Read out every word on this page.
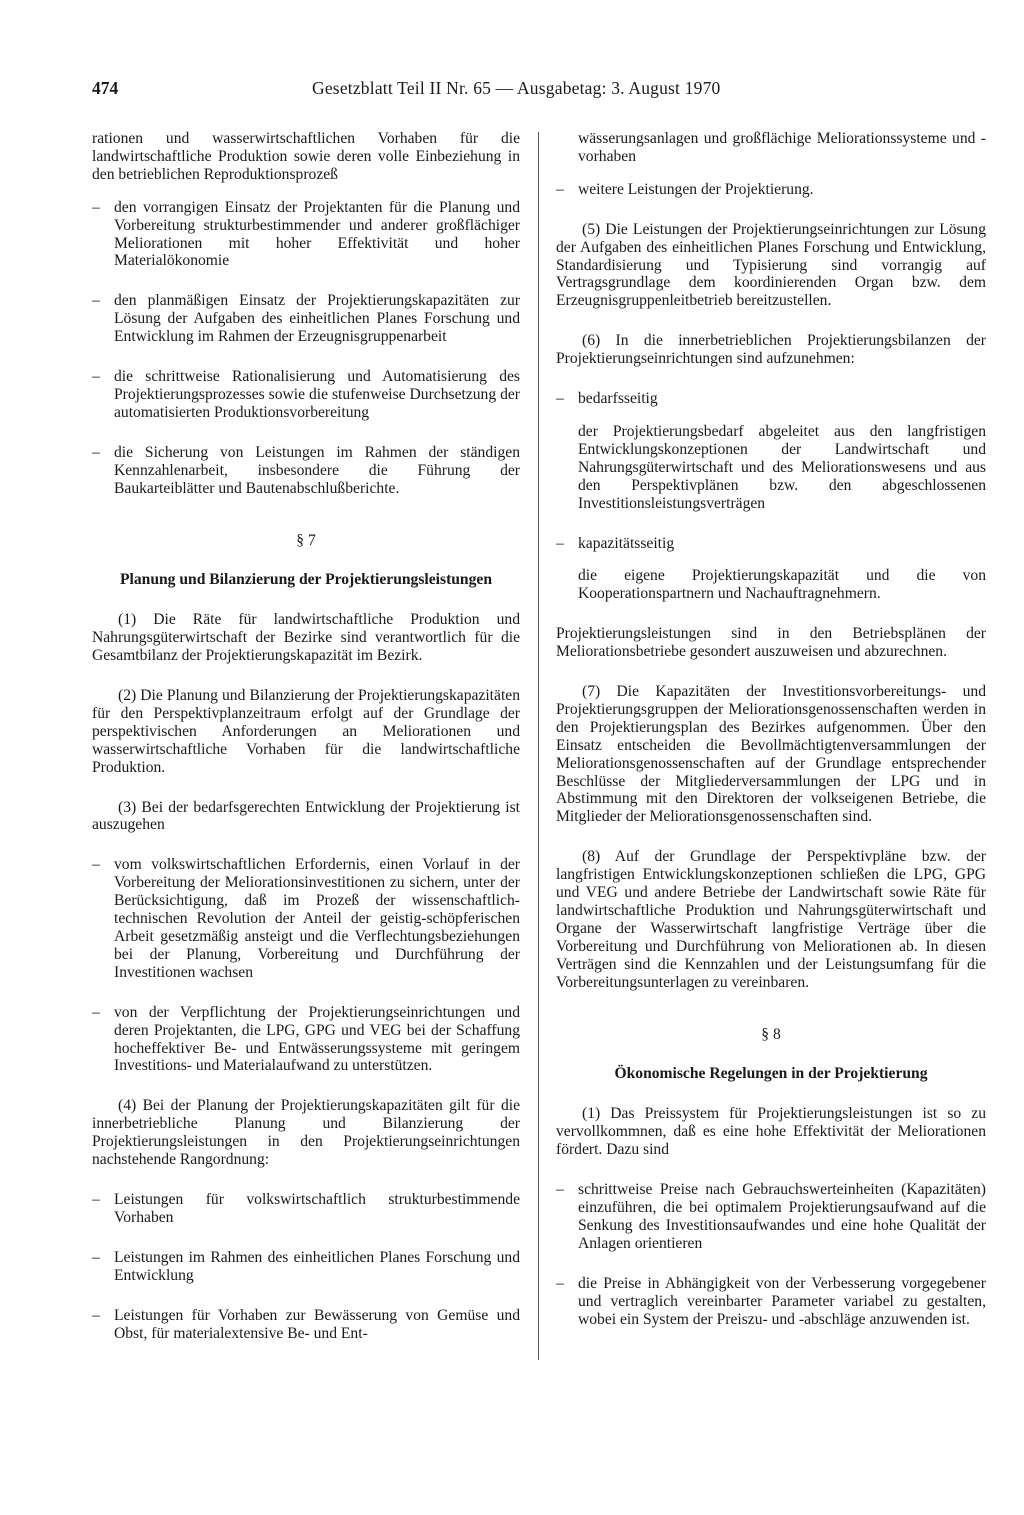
474	Gesetzblatt Teil II Nr. 65 — Ausgabetag: 3. August 1970

rationen und wasserwirtschaftlichen Vorhaben für die landwirtschaftliche Produktion sowie deren volle Einbeziehung in den betrieblichen Reproduktionsprozeß

– den vorrangigen Einsatz der Projektanten für die Planung und Vorbereitung strukturbestimmender und anderer großflächiger Meliorationen mit hoher Effektivität und hoher Materialökonomie

– den planmäßigen Einsatz der Projektierungskapazitäten zur Lösung der Aufgaben des einheitlichen Planes Forschung und Entwicklung im Rahmen der Erzeugnisgruppenarbeit

– die schrittweise Rationalisierung und Automatisierung des Projektierungsprozesses sowie die stufenweise Durchsetzung der automatisierten Produktionsvorbereitung

– die Sicherung von Leistungen im Rahmen der ständigen Kennzahlenarbeit, insbesondere die Führung der Baukarteiblätter und Bautenabschlußberichte.

§ 7

Planung und Bilanzierung der Projektierungsleistungen

(1) Die Räte für landwirtschaftliche Produktion und Nahrungsgüterwirtschaft der Bezirke sind verantwortlich für die Gesamtbilanz der Projektierungskapazität im Bezirk.

(2) Die Planung und Bilanzierung der Projektierungskapazitäten für den Perspektivplanzeitraum erfolgt auf der Grundlage der perspektivischen Anforderungen an Meliorationen und wasserwirtschaftliche Vorhaben für die landwirtschaftliche Produktion.

(3) Bei der bedarfsgerechten Entwicklung der Projektierung ist auszugehen

– vom volkswirtschaftlichen Erfordernis, einen Vorlauf in der Vorbereitung der Meliorationsinvestitionen zu sichern, unter der Berücksichtigung, daß im Prozeß der wissenschaftlich-technischen Revolution der Anteil der geistig-schöpferischen Arbeit gesetzmäßig ansteigt und die Verflechtungsbeziehungen bei der Planung, Vorbereitung und Durchführung der Investitionen wachsen

– von der Verpflichtung der Projektierungseinrichtungen und deren Projektanten, die LPG, GPG und VEG bei der Schaffung hocheffektiver Be- und Entwässerungssysteme mit geringem Investitions- und Materialaufwand zu unterstützen.

(4) Bei der Planung der Projektierungskapazitäten gilt für die innerbetriebliche Planung und Bilanzierung der Projektierungsleistungen in den Projektierungseinrichtungen nachstehende Rangordnung:

– Leistungen für volkswirtschaftlich strukturbestimmende Vorhaben

– Leistungen im Rahmen des einheitlichen Planes Forschung und Entwicklung

– Leistungen für Vorhaben zur Bewässerung von Gemüse und Obst, für materialextensive Be- und Ent-

wässerungsanlagen und großflächige Meliorationssysteme und -vorhaben

– weitere Leistungen der Projektierung.

(5) Die Leistungen der Projektierungseinrichtungen zur Lösung der Aufgaben des einheitlichen Planes Forschung und Entwicklung, Standardisierung und Typisierung sind vorrangig auf Vertragsgrundlage dem koordinierenden Organ bzw. dem Erzeugnisgruppenleitbetrieb bereitzustellen.

(6) In die innerbetrieblichen Projektierungsbilanzen der Projektierungseinrichtungen sind aufzunehmen:

– bedarfsseitig

der Projektierungsbedarf abgeleitet aus den langfristigen Entwicklungskonzeptionen der Landwirtschaft und Nahrungsgüterwirtschaft und des Meliorationswesens und aus den Perspektivplänen bzw. den abgeschlossenen Investitionsleistungsverträgen

– kapazitätsseitig

die eigene Projektierungskapazität und die von Kooperationspartnern und Nachauftragnehmern.

Projektierungsleistungen sind in den Betriebsplänen der Meliorationsbetriebe gesondert auszuweisen und abzurechnen.

(7) Die Kapazitäten der Investitionsvorbereitungs- und Projektierungsgruppen der Meliorationsgenossenschaften werden in den Projektierungsplan des Bezirkes aufgenommen. Über den Einsatz entscheiden die Bevollmächtigtenversammlungen der Meliorationsgenossenschaften auf der Grundlage entsprechender Beschlüsse der Mitgliederversammlungen der LPG und in Abstimmung mit den Direktoren der volkseigenen Betriebe, die Mitglieder der Meliorationsgenossenschaften sind.

(8) Auf der Grundlage der Perspektivpläne bzw. der langfristigen Entwicklungskonzeptionen schließen die LPG, GPG und VEG und andere Betriebe der Landwirtschaft sowie Räte für landwirtschaftliche Produktion und Nahrungsgüterwirtschaft und Organe der Wasserwirtschaft langfristige Verträge über die Vorbereitung und Durchführung von Meliorationen ab. In diesen Verträgen sind die Kennzahlen und der Leistungsumfang für die Vorbereitungsunterlagen zu vereinbaren.

§ 8

Ökonomische Regelungen in der Projektierung

(1) Das Preissystem für Projektierungsleistungen ist so zu vervollkommnen, daß es eine hohe Effektivität der Meliorationen fördert. Dazu sind

– schrittweise Preise nach Gebrauchswerteinheiten (Kapazitäten) einzuführen, die bei optimalem Projektierungsaufwand auf die Senkung des Investitionsaufwandes und eine hohe Qualität der Anlagen orientieren

– die Preise in Abhängigkeit von der Verbesserung vorgegebener und vertraglich vereinbarter Parameter variabel zu gestalten, wobei ein System der Preiszu- und -abschläge anzuwenden ist.
